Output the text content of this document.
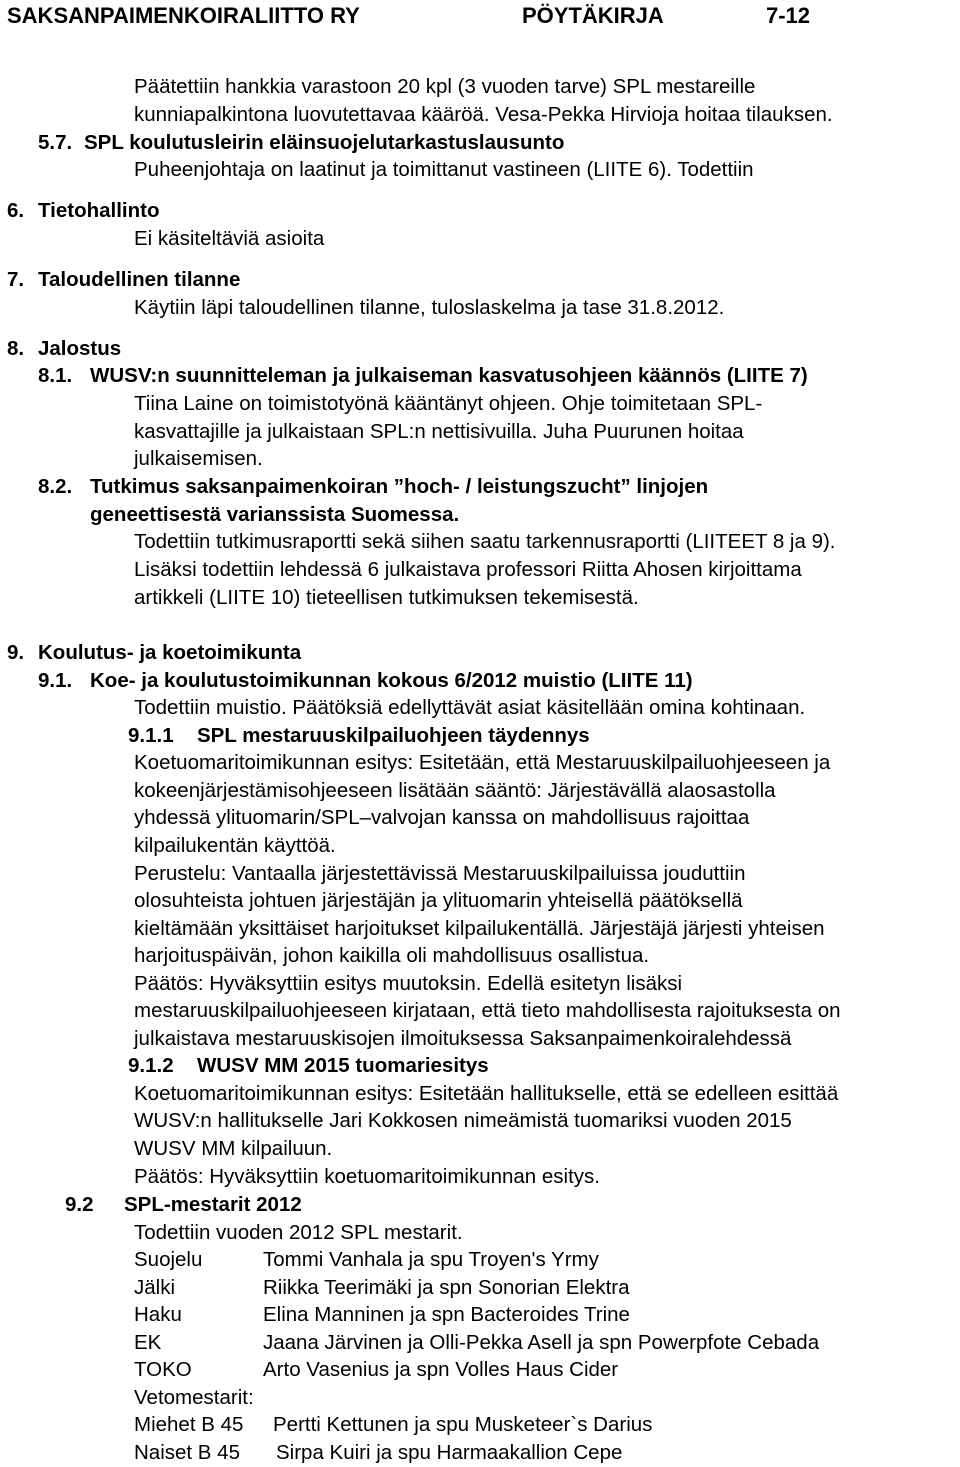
SAKSANPAIMENKOIRALIITTO RY	PÖYTÄKIRJA	7-12
Päätettiin hankkia varastoon 20 kpl (3 vuoden tarve) SPL mestareille
kunniapalkintona luovutettavaa kääröä. Vesa-Pekka Hirvioja hoitaa tilauksen.
5.7. SPL koulutusleirin eläinsuojelutarkastuslausunto
Puheenjohtaja on laatinut ja toimittanut vastineen (LIITE 6). Todettiin
6. Tietohallinto
Ei käsiteltäviä asioita
7. Taloudellinen tilanne
Käytiin läpi taloudellinen tilanne, tuloslaskelma ja tase 31.8.2012.
8. Jalostus
8.1. WUSV:n suunnitteleman ja julkaiseman kasvatusohjeen käännös (LIITE 7)
Tiina Laine on toimistotyönä kääntänyt ohjeen. Ohje toimitetaan SPL-
kasvattajille ja julkaistaan SPL:n nettisivuilla. Juha Puurunen hoitaa
julkaisemisen.
8.2. Tutkimus saksanpaimenkoiran ”hoch- / leistungszucht” linjojen
geneettisestä varianssista Suomessa.
Todettiin tutkimusraportti sekä siihen saatu tarkennusraportti (LIITEET 8 ja 9).
Lisäksi todettiin lehdessä 6 julkaistava professori Riitta Ahosen kirjoittama
artikkeli (LIITE 10) tieteellisen tutkimuksen tekemisestä.
9. Koulutus- ja koetoimikunta
9.1. Koe- ja koulutustoimikunnan kokous 6/2012 muistio (LIITE 11)
Todettiin muistio. Päätöksiä edellyttävät asiat käsitellään omina kohtinaan.
9.1.1 SPL mestaruuskilpailuohjeen täydennys
Koetuomaritoimikunnan esitys: Esitetään, että Mestaruuskilpailuohjeeseen ja
kokeenjärjestämisohjeeseen lisätään sääntö: Järjestävällä alaosastolla
yhdessä ylituomarin/SPL–valvojan kanssa on mahdollisuus rajoittaa
kilpailukentän käyttöä.
Perustelu: Vantaalla järjestettävissä Mestaruuskilpailuissa jouduttiin
olosuhteista johtuen järjestäjän ja ylituomarin yhteisellä päätöksellä
kieltämään yksittäiset harjoitukset kilpailukentällä. Järjestäjä järjesti yhteisen
harjoituspäivän, johon kaikilla oli mahdollisuus osallistua.
Päätös: Hyväksyttiin esitys muutoksin. Edellä esitetyn lisäksi
mestaruuskilpailuohjeeseen kirjataan, että tieto mahdollisesta rajoituksesta on
julkaistava mestaruuskisojen ilmoituksessa Saksanpaimenkoiralehdessä
9.1.2 WUSV MM 2015 tuomariesitys
Koetuomaritoimikunnan esitys: Esitetään hallitukselle, että se edelleen esittää
WUSV:n hallitukselle Jari Kokkosen nimeämistä tuomariksi vuoden 2015
WUSV MM kilpailuun.
Päätös: Hyväksyttiin koetuomaritoimikunnan esitys.
9.2 SPL-mestarit 2012
Todettiin vuoden 2012 SPL mestarit.
Suojelu	Tommi Vanhala ja spu Troyen's Yrmy
Jälki	Riikka Teerimäki ja spn Sonorian Elektra
Haku	Elina Manninen ja spn Bacteroides Trine
EK	Jaana Järvinen ja Olli-Pekka Asell ja spn Powerpfote Cebada
TOKO	Arto Vasenius ja spn Volles Haus Cider
Vetomestarit:
Miehet B 45 Pertti Kettunen ja spu Musketeer`s Darius
Naiset B 45 Sirpa Kuiri ja spu Harmaakallion Cepe
